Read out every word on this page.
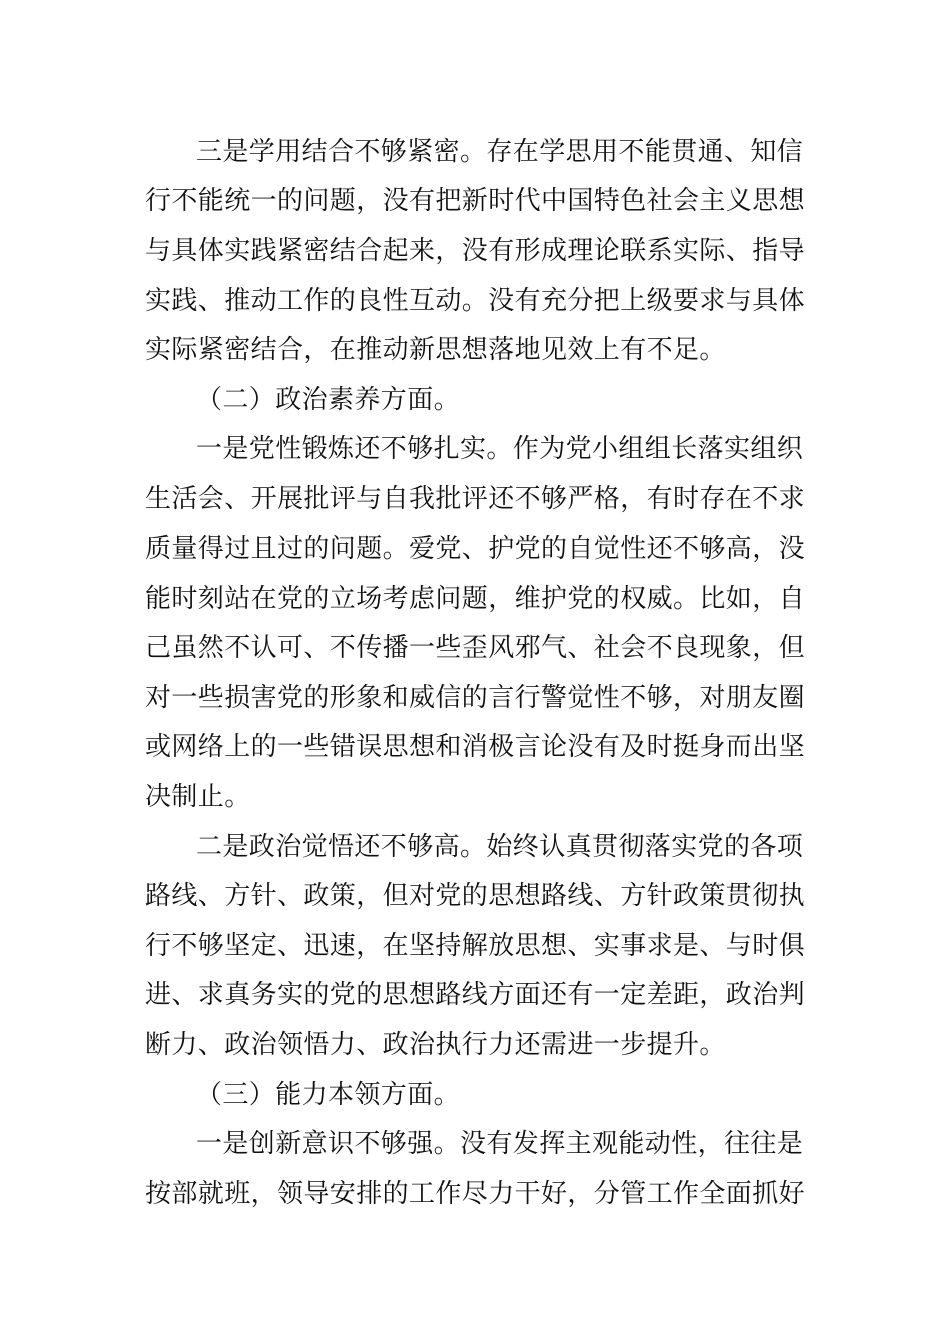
三是学用结合不够紧密。存在学思用不能贯通、知信
行不能统一的问题，没有把新时代中国特色社会主义思想
与具体实践紧密结合起来，没有形成理论联系实际、指导
实践、推动工作的良性互动。没有充分把上级要求与具体
实际紧密结合，在推动新思想落地见效上有不足。
（二）政治素养方面。
一是党性锻炼还不够扎实。作为党小组组长落实组织
生活会、开展批评与自我批评还不够严格，有时存在不求
质量得过且过的问题。爱党、护党的自觉性还不够高，没
能时刻站在党的立场考虑问题，维护党的权威。比如，自
己虽然不认可、不传播一些歪风邪气、社会不良现象，但
对一些损害党的形象和威信的言行警觉性不够，对朋友圈
或网络上的一些错误思想和消极言论没有及时挺身而出坚
决制止。
二是政治觉悟还不够高。始终认真贯彻落实党的各项
路线、方针、政策，但对党的思想路线、方针政策贯彻执
行不够坚定、迅速，在坚持解放思想、实事求是、与时俱
进、求真务实的党的思想路线方面还有一定差距，政治判
断力、政治领悟力、政治执行力还需进一步提升。
（三）能力本领方面。
一是创新意识不够强。没有发挥主观能动性，往往是
按部就班，领导安排的工作尽力干好，分管工作全面抓好
